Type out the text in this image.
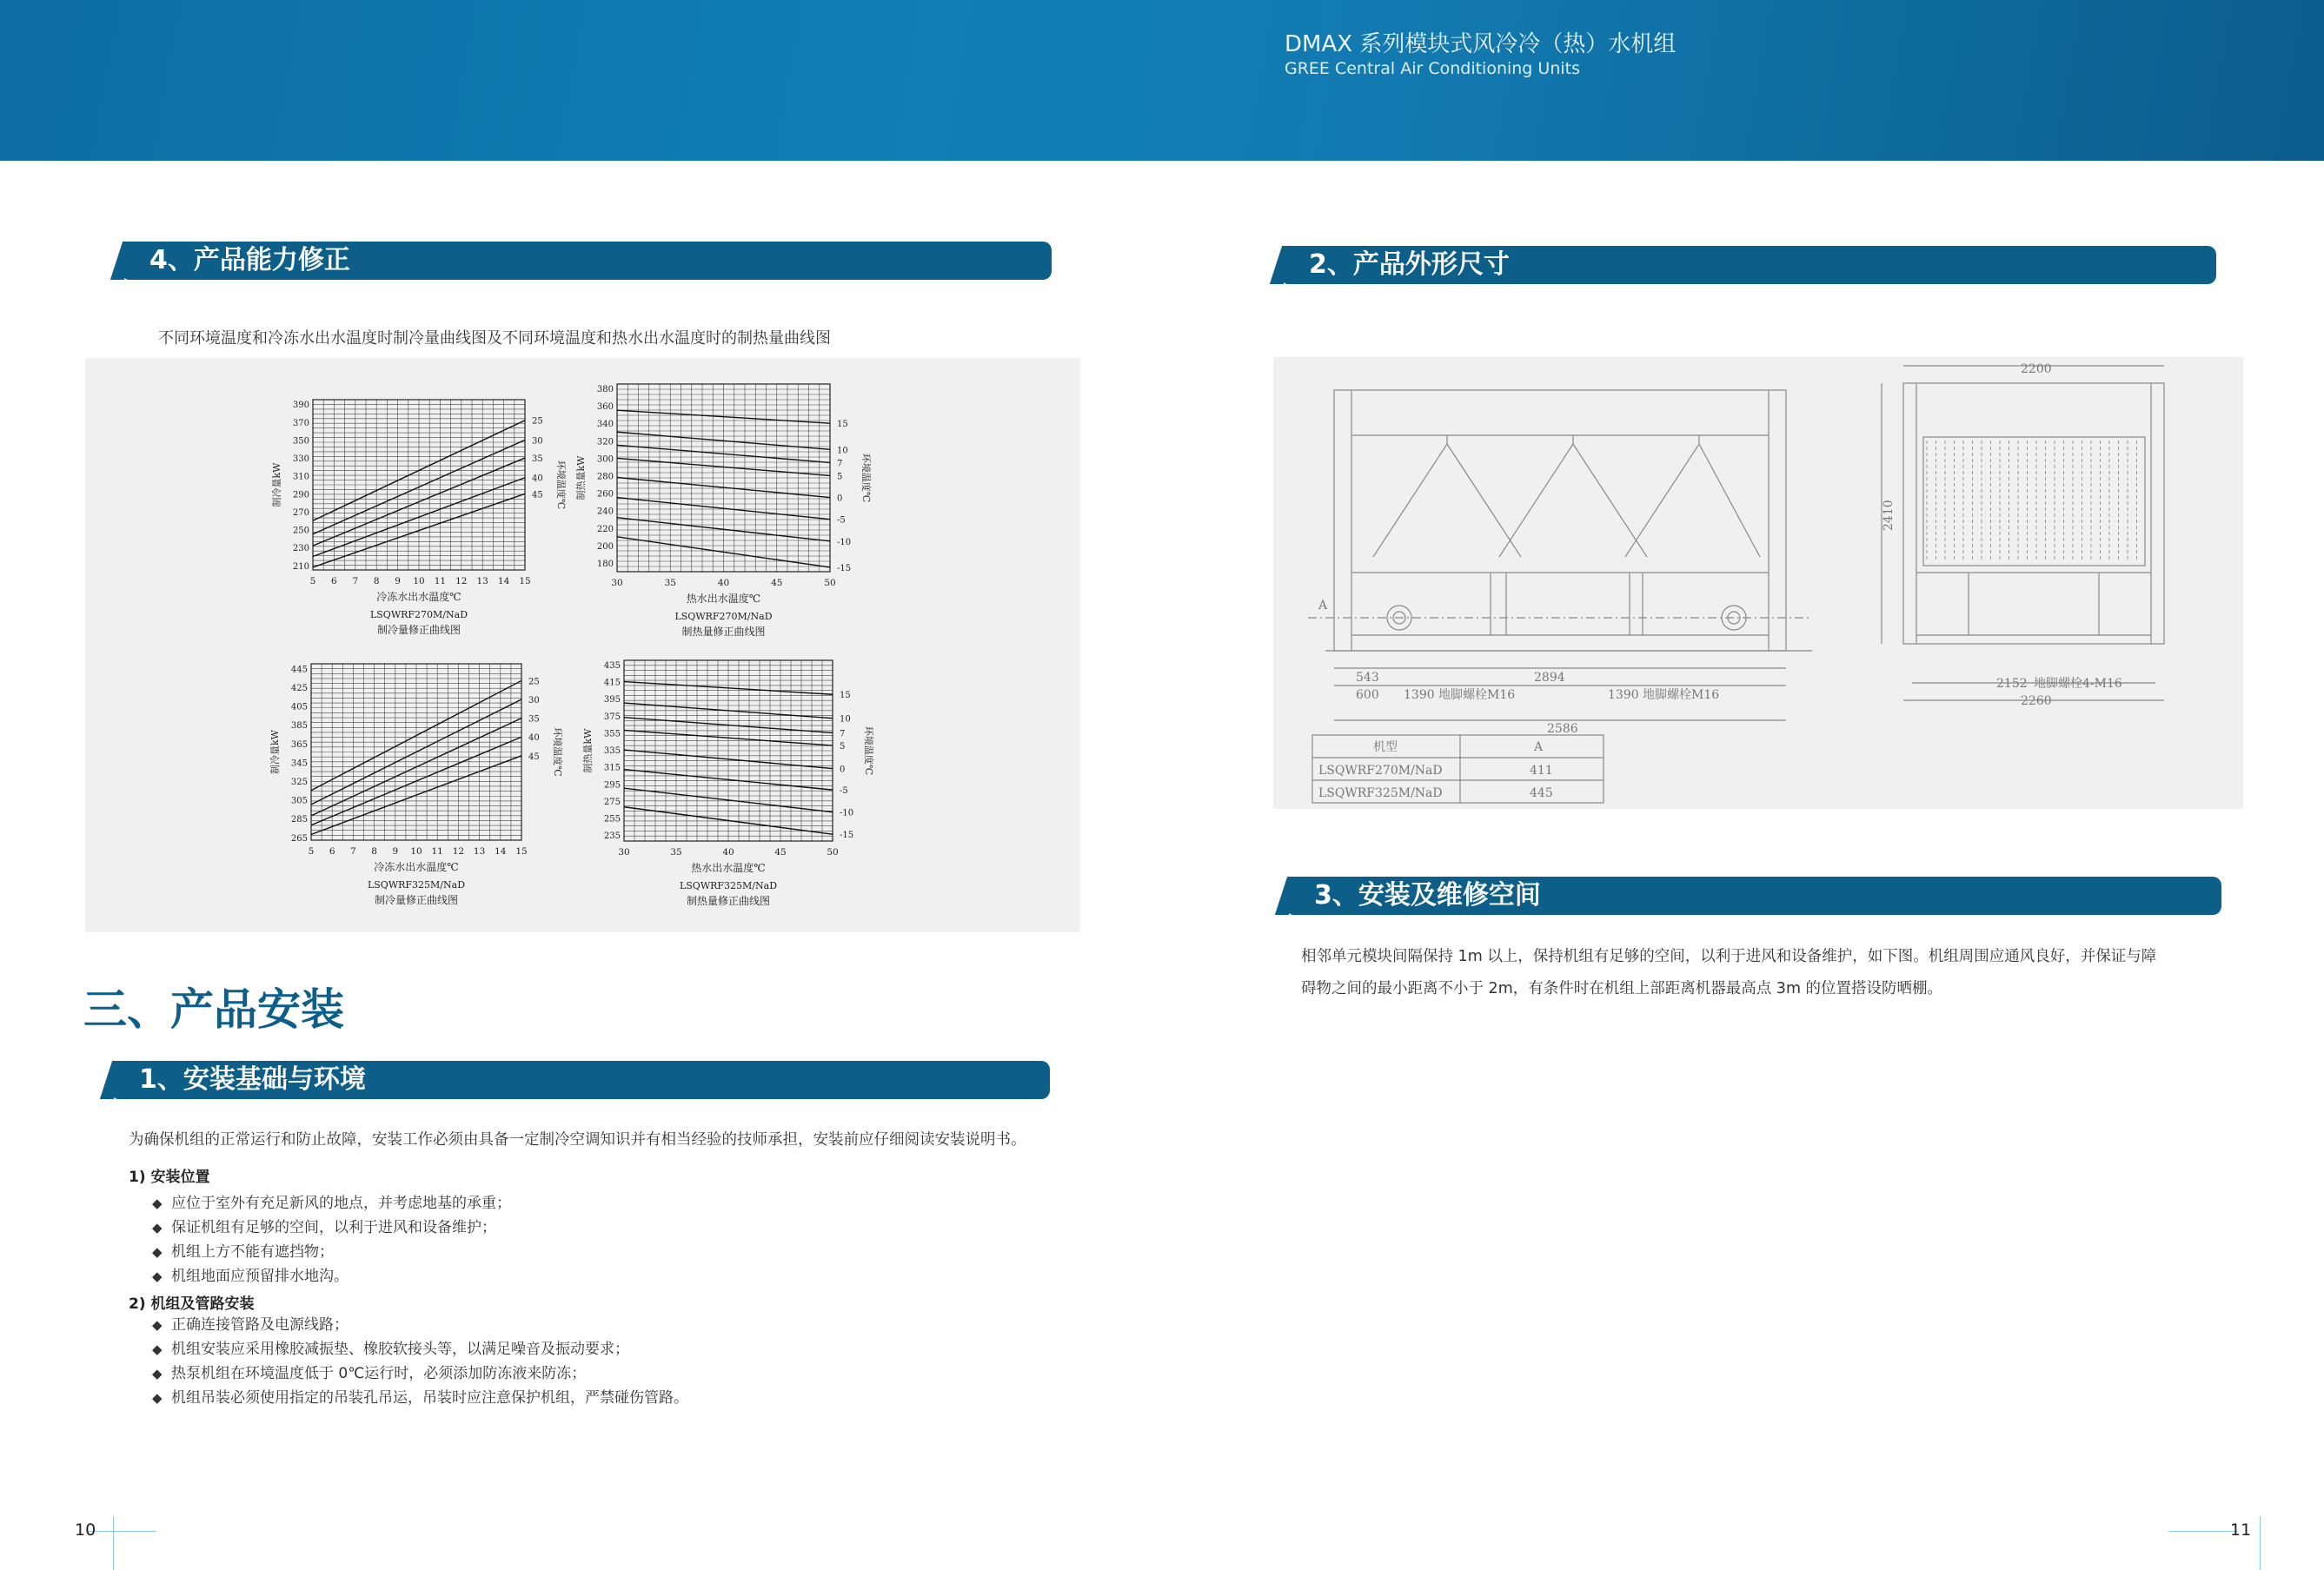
DMAX 系列模块式风冷冷（热）水机组
GREE Central Air Conditioning Units
4、产品能力修正
不同环境温度和冷冻水出水温度时制冷量曲线图及不同环境温度和热水出水温度时的制热量曲线图
5 6 7 8 9 10 11 12 13 14 15
210
230
250
270
290
310
330
350
370
390
25
30
35
40
45
制冷量kW	环境温度℃
冷冻水出水温度℃
LSQWRF270M/NaD
制冷量修正曲线图
30	35	40	45	50
180
200
220
240
260
280
300
320
340
360
380
15
10
7
5
0
-5
-10
-15
制热量kW	环境温度℃
热水出水温度℃
LSQWRF270M/NaD
制热量修正曲线图
5 6 7 8 9 10 11 12 13 14 15
265
285
305
325
345
365
385
405
425
445
25
30
35
40
45
制冷量kW	环境温度℃
冷冻水出水温度℃
LSQWRF325M/NaD
制冷量修正曲线图
30	35	40	45	50
235
255
275
295
315
335
355
375
395
415
435
15
10
7
5
0
-5
-10
-15
制热量kW	环境温度℃
热水出水温度℃
LSQWRF325M/NaD
制热量修正曲线图
三、产品安装
1、安装基础与环境
为确保机组的正常运行和防止故障，安装工作必须由具备一定制冷空调知识并有相当经验的技师承担，安装前应仔细阅读安装说明书。
1) 安装位置
◆ 应位于室外有充足新风的地点，并考虑地基的承重；
◆ 保证机组有足够的空间，以利于进风和设备维护；
◆ 机组上方不能有遮挡物；
◆ 机组地面应预留排水地沟。
2) 机组及管路安装
◆ 正确连接管路及电源线路；
◆ 机组安装应采用橡胶减振垫、橡胶软接头等，以满足噪音及振动要求；
◆ 热泵机组在环境温度低于 0℃运行时，必须添加防冻液来防冻；
◆ 机组吊装必须使用指定的吊装孔吊运，吊装时应注意保护机组，严禁碰伤管路。
10
2、产品外形尺寸
543	2894
600 1390 地脚螺栓M16	1390 地脚螺栓M16
2586
2200
2410
2152 地脚螺栓4-M16
2260
A
机型	A
LSQWRF270M/NaD	411
LSQWRF325M/NaD	445
3、安装及维修空间
相邻单元模块间隔保持 1m 以上，保持机组有足够的空间，以利于进风和设备维护，如下图。机组周围应通风良好，并保证与障
碍物之间的最小距离不小于 2m，有条件时在机组上部距离机器最高点 3m 的位置搭设防晒棚。
11
